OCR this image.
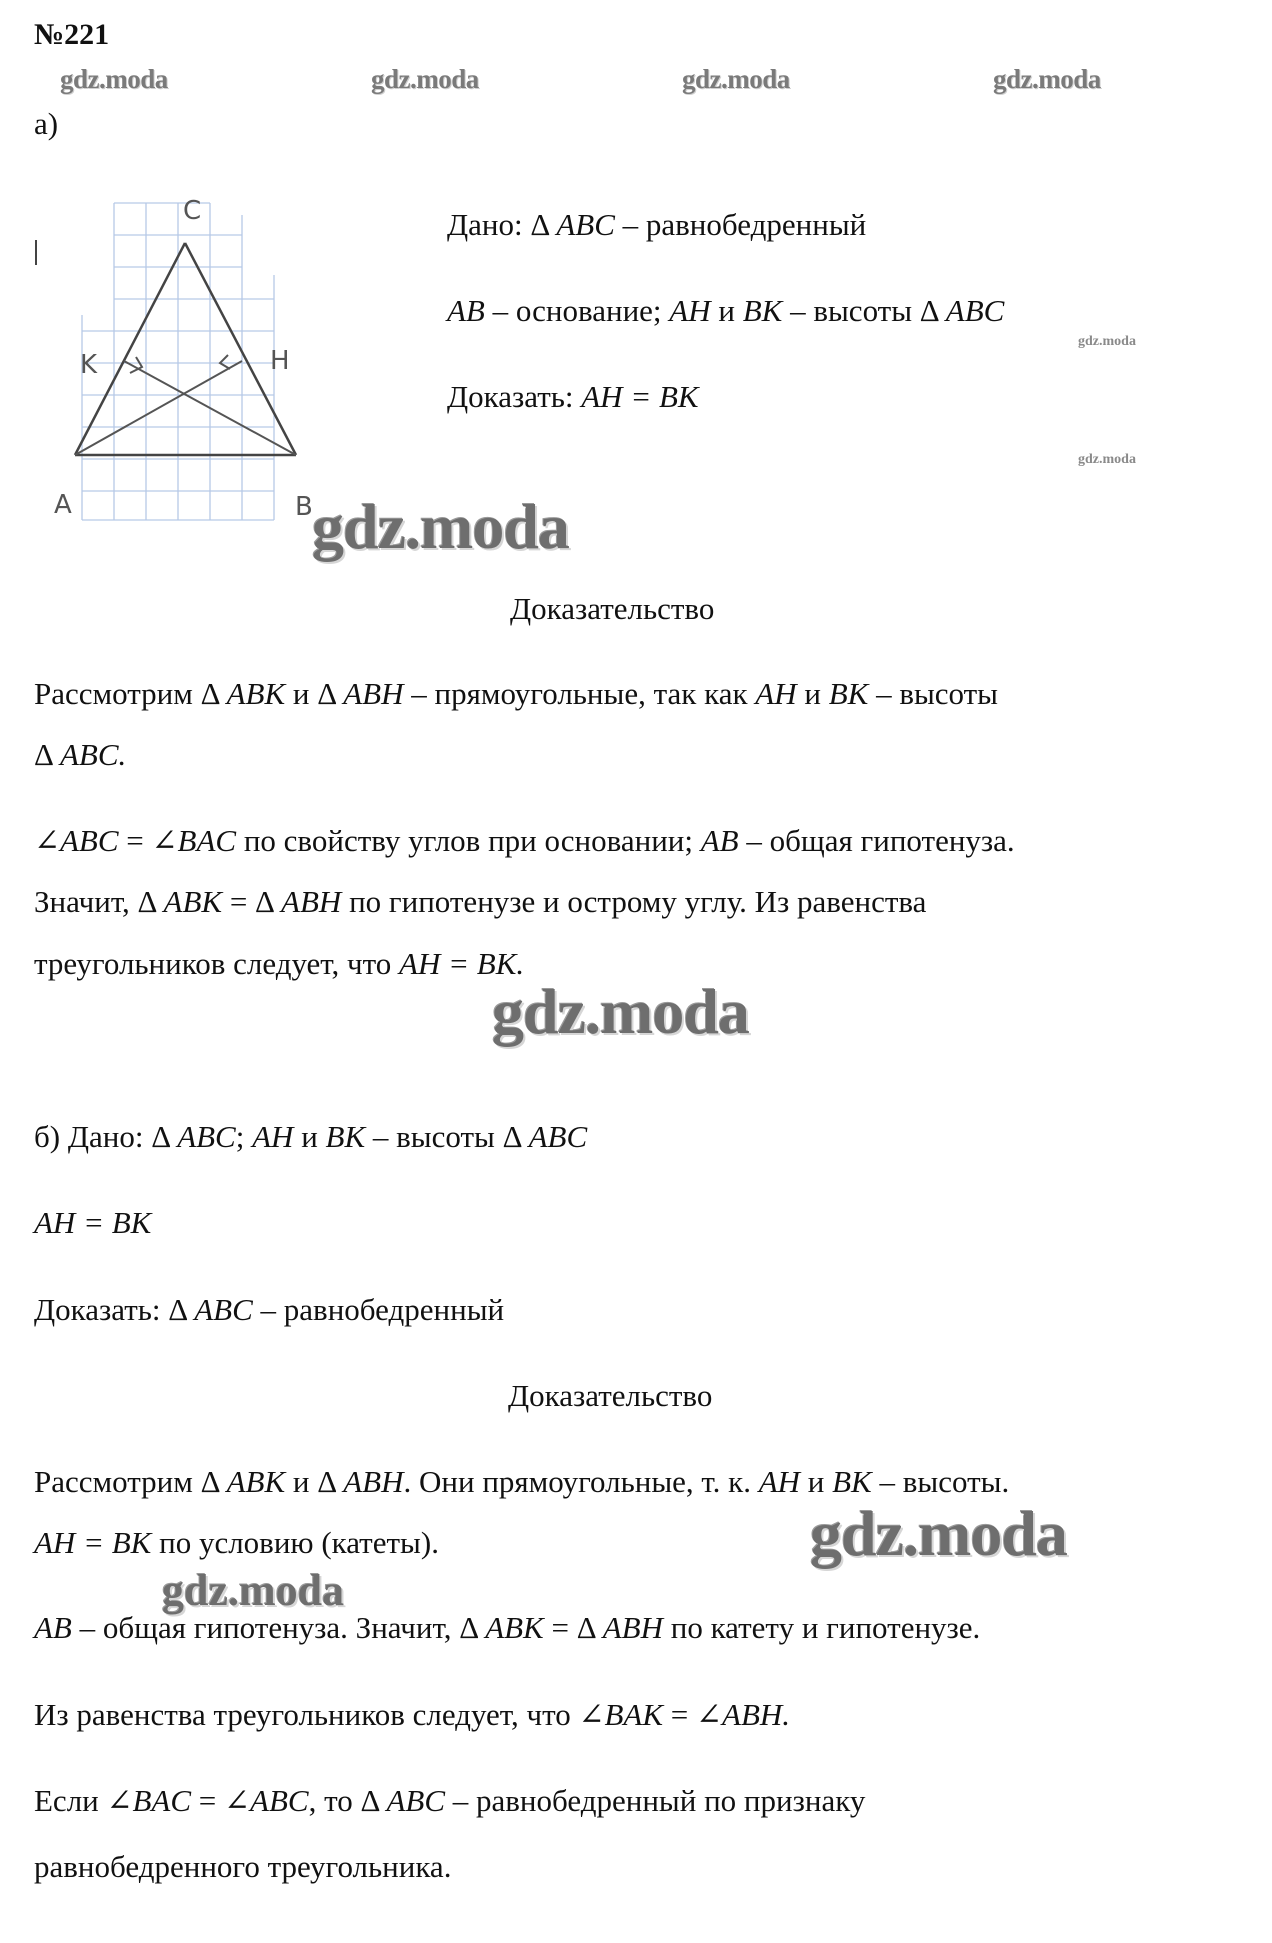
№221
gdz.moda	gdz.moda	gdz.moda	gdz.moda
а)
C
K	H
A	B
Дано: Δ ABC – равнобедренный
AB – основание; AH и BK – высоты Δ ABC
gdz.moda
Доказать: AH = BK
gdz.moda
gdz.moda
Доказательство
Рассмотрим Δ ABK и Δ ABH – прямоугольные, так как AH и BK – высоты
Δ ABC.
∠ABC = ∠BAC по свойству углов при основании; AB – общая гипотенуза.
Значит, Δ ABK = Δ ABH по гипотенузе и острому углу. Из равенства
треугольников следует, что AH = BK.
gdz.moda
б) Дано: Δ ABC; AH и BK – высоты Δ ABC
AH = BK
Доказать: Δ ABC – равнобедренный
Доказательство
Рассмотрим Δ ABK и Δ ABH. Они прямоугольные, т. к. AH и BK – высоты.
AH = BK по условию (катеты).	gdz.moda
gdz.moda
AB – общая гипотенуза. Значит, Δ ABK = Δ ABH по катету и гипотенузе.
Из равенства треугольников следует, что ∠BAK = ∠ABH.
Если ∠BAC = ∠ABC, то Δ ABC – равнобедренный по признаку
равнобедренного треугольника.
